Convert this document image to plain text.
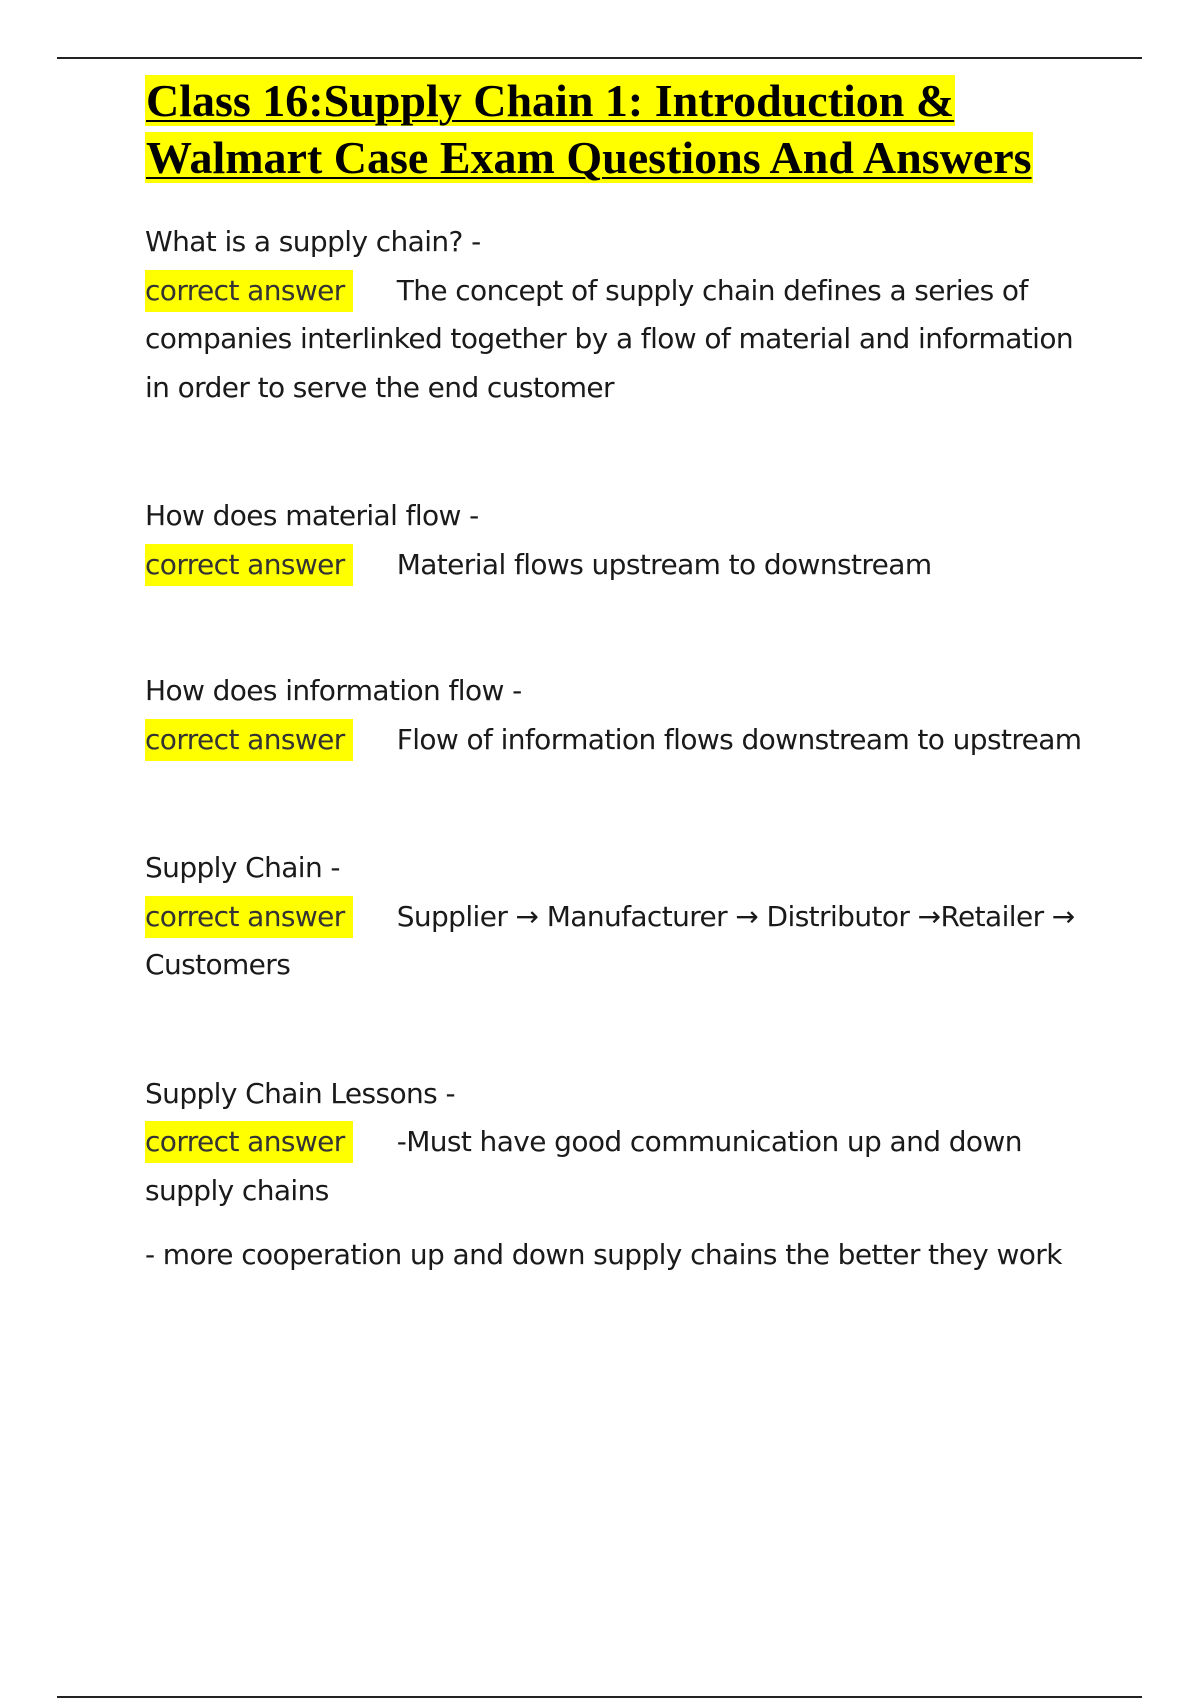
Class 16:Supply Chain 1: Introduction & Walmart Case Exam Questions And Answers

What is a supply chain? -

correct answer The concept of supply chain defines a series of companies interlinked together by a flow of material and information in order to serve the end customer

How does material flow -

correct answer Material flows upstream to downstream

How does information flow -

correct answer Flow of information flows downstream to upstream

Supply Chain -

correct answer Supplier → Manufacturer → Distributor →Retailer → Customers

Supply Chain Lessons -

correct answer -Must have good communication up and down supply chains

- more cooperation up and down supply chains the better they work
